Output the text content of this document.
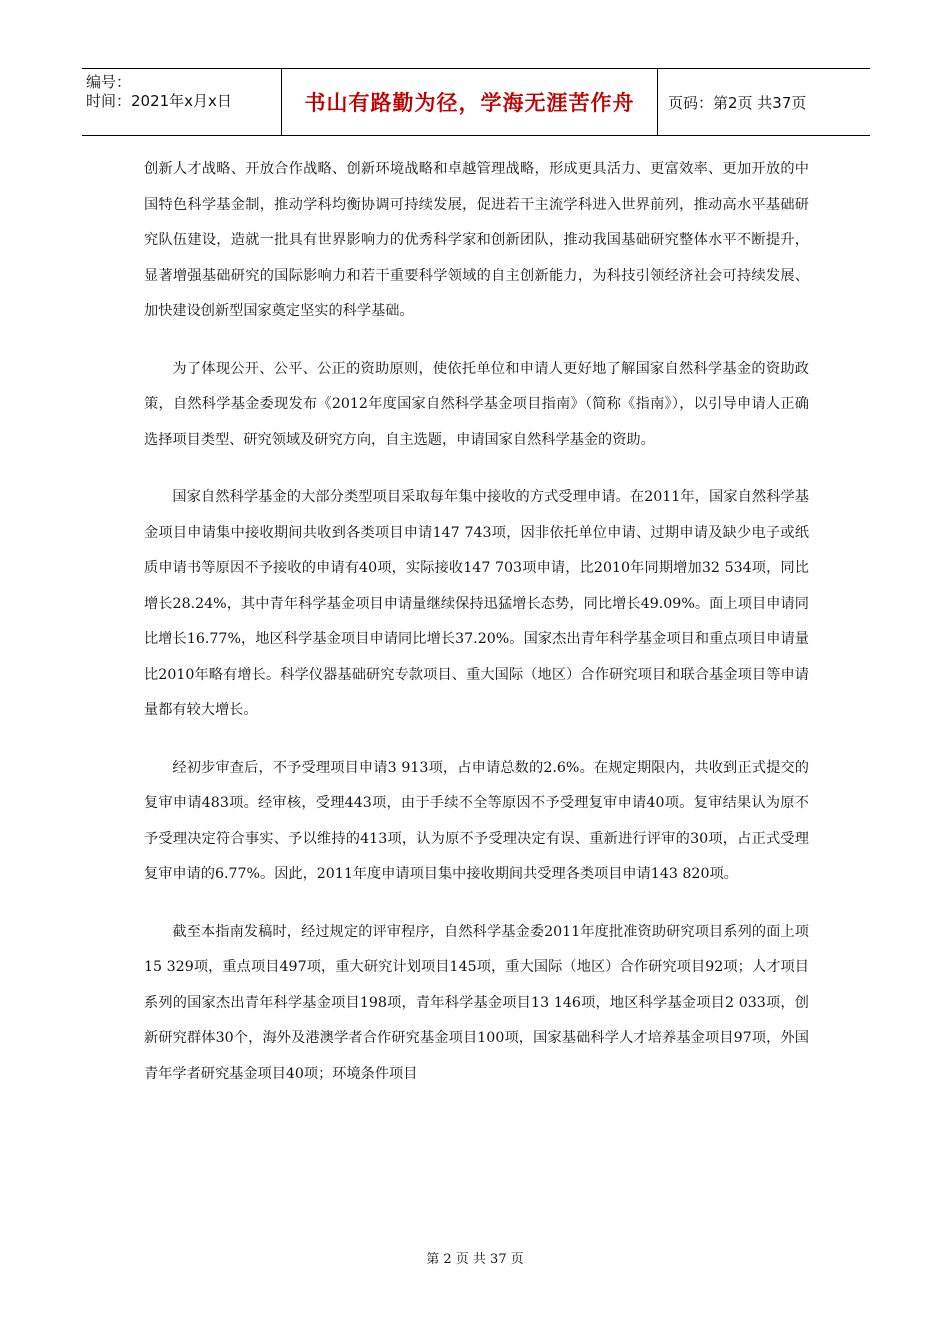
编号：
时间：2021年x月x日	书山有路勤为径，学海无涯苦作舟	页码：第2页 共37页

创新人才战略、开放合作战略、创新环境战略和卓越管理战略，形成更具活力、更富效率、更加开放的中国特色科学基金制，推动学科均衡协调可持续发展，促进若干主流学科进入世界前列，推动高水平基础研究队伍建设，造就一批具有世界影响力的优秀科学家和创新团队，推动我国基础研究整体水平不断提升，显著增强基础研究的国际影响力和若干重要科学领域的自主创新能力，为科技引领经济社会可持续发展、加快建设创新型国家奠定坚实的科学基础。

为了体现公开、公平、公正的资助原则，使依托单位和申请人更好地了解国家自然科学基金的资助政策，自然科学基金委现发布《2012年度国家自然科学基金项目指南》（简称《指南》），以引导申请人正确选择项目类型、研究领域及研究方向，自主选题，申请国家自然科学基金的资助。

国家自然科学基金的大部分类型项目采取每年集中接收的方式受理申请。在2011年，国家自然科学基金项目申请集中接收期间共收到各类项目申请147 743项，因非依托单位申请、过期申请及缺少电子或纸质申请书等原因不予接收的申请有40项，实际接收147 703项申请，比2010年同期增加32 534项，同比增长28.24%，其中青年科学基金项目申请量继续保持迅猛增长态势，同比增长49.09%。面上项目申请同比增长16.77%，地区科学基金项目申请同比增长37.20%。国家杰出青年科学基金项目和重点项目申请量比2010年略有增长。科学仪器基础研究专款项目、重大国际（地区）合作研究项目和联合基金项目等申请量都有较大增长。

经初步审查后，不予受理项目申请3 913项，占申请总数的2.6%。在规定期限内，共收到正式提交的复审申请483项。经审核，受理443项，由于手续不全等原因不予受理复审申请40项。复审结果认为原不予受理决定符合事实、予以维持的413项，认为原不予受理决定有误、重新进行评审的30项，占正式受理复审申请的6.77%。因此，2011年度申请项目集中接收期间共受理各类项目申请143 820项。

截至本指南发稿时，经过规定的评审程序，自然科学基金委2011年度批准资助研究项目系列的面上项15 329项，重点项目497项，重大研究计划项目145项，重大国际（地区）合作研究项目92项；人才项目系列的国家杰出青年科学基金项目198项，青年科学基金项目13 146项，地区科学基金项目2 033项，创新研究群体30个，海外及港澳学者合作研究基金项目100项，国家基础科学人才培养基金项目97项，外国青年学者研究基金项目40项；环境条件项目

第 2 页 共 37 页
